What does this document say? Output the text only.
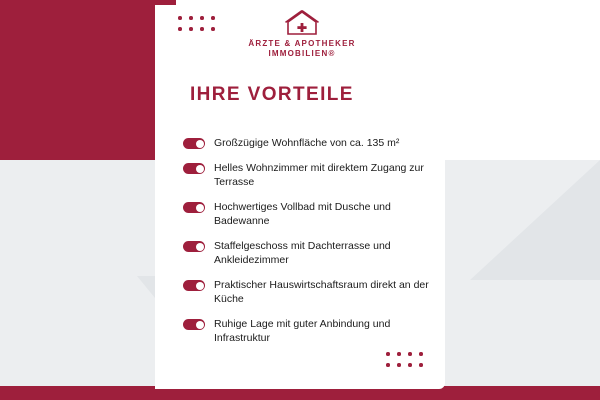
ÄRZTE & APOTHEKER
IMMOBILIEN®
IHRE VORTEILE
Großzügige Wohnfläche von ca. 135 m²
Helles Wohnzimmer mit direktem Zugang zur Terrasse
Hochwertiges Vollbad mit Dusche und Badewanne
Staffelgeschoss mit Dachterrasse und Ankleidezimmer
Praktischer Hauswirtschaftsraum direkt an der Küche
Ruhige Lage mit guter Anbindung und Infrastruktur
